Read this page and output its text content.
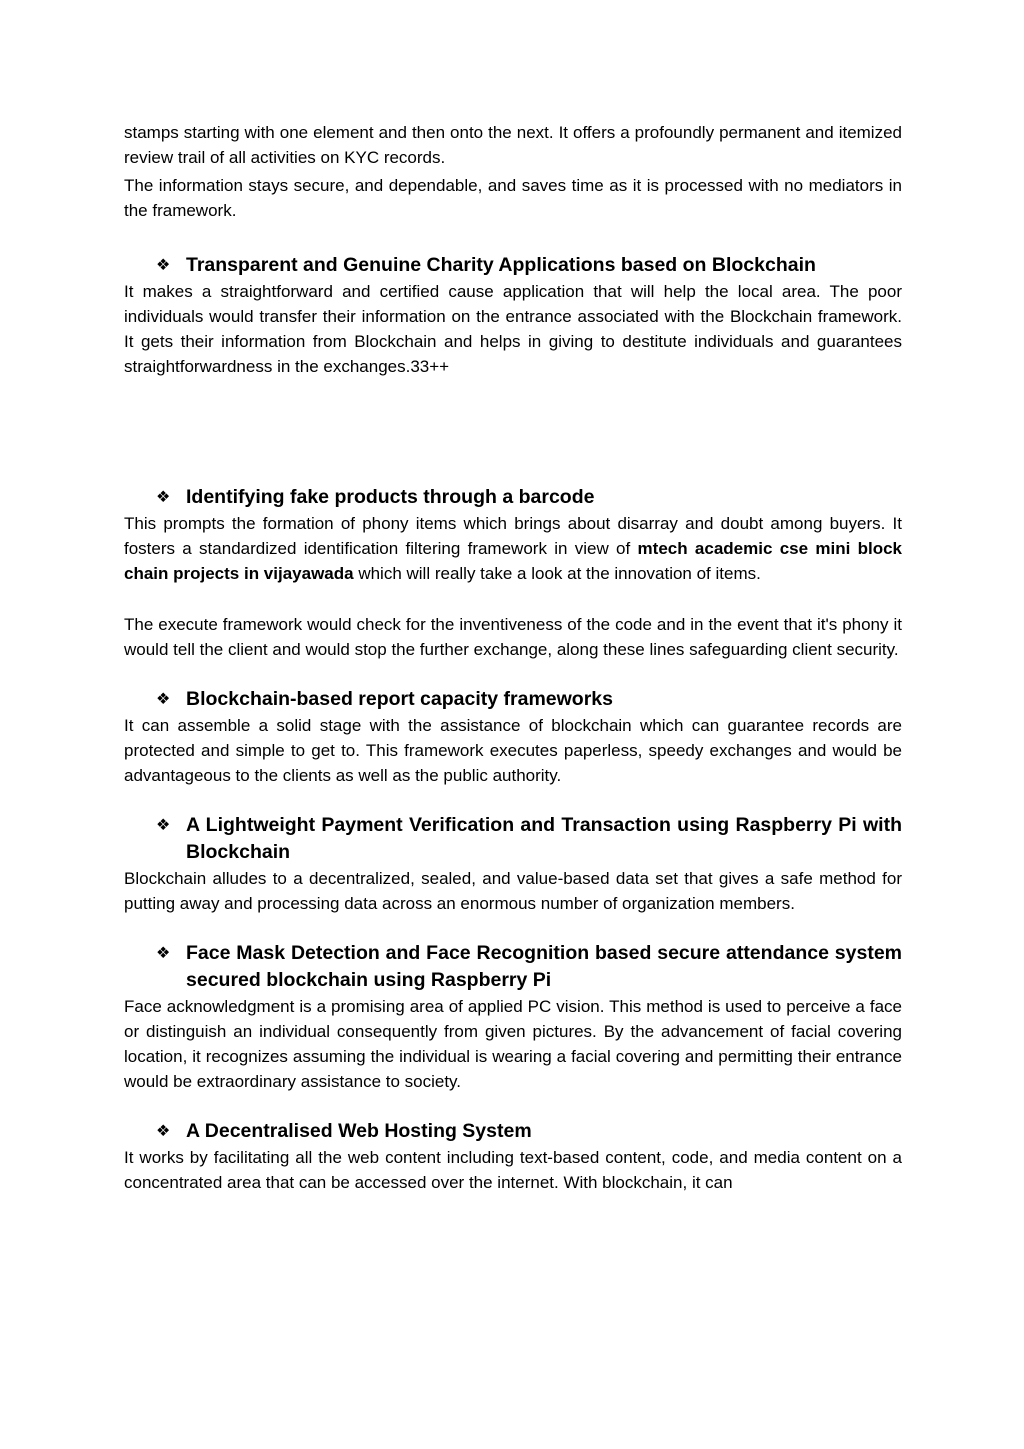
stamps starting with one element and then onto the next. It offers a profoundly permanent and itemized review trail of all activities on KYC records.

The information stays secure, and dependable, and saves time as it is processed with no mediators in the framework.

❖ Transparent and Genuine Charity Applications based on Blockchain

It makes a straightforward and certified cause application that will help the local area. The poor individuals would transfer their information on the entrance associated with the Blockchain framework. It gets their information from Blockchain and helps in giving to destitute individuals and guarantees straightforwardness in the exchanges.33++

❖ Identifying fake products through a barcode

This prompts the formation of phony items which brings about disarray and doubt among buyers. It fosters a standardized identification filtering framework in view of mtech academic cse mini block chain projects in vijayawada which will really take a look at the innovation of items.

The execute framework would check for the inventiveness of the code and in the event that it's phony it would tell the client and would stop the further exchange, along these lines safeguarding client security.

❖ Blockchain-based report capacity frameworks

It can assemble a solid stage with the assistance of blockchain which can guarantee records are protected and simple to get to. This framework executes paperless, speedy exchanges and would be advantageous to the clients as well as the public authority.

❖ A Lightweight Payment Verification and Transaction using Raspberry Pi with Blockchain

Blockchain alludes to a decentralized, sealed, and value-based data set that gives a safe method for putting away and processing data across an enormous number of organization members.

❖ Face Mask Detection and Face Recognition based secure attendance system secured blockchain using Raspberry Pi

Face acknowledgment is a promising area of applied PC vision. This method is used to perceive a face or distinguish an individual consequently from given pictures. By the advancement of facial covering location, it recognizes assuming the individual is wearing a facial covering and permitting their entrance would be extraordinary assistance to society.

❖ A Decentralised Web Hosting System

It works by facilitating all the web content including text-based content, code, and media content on a concentrated area that can be accessed over the internet. With blockchain, it can
